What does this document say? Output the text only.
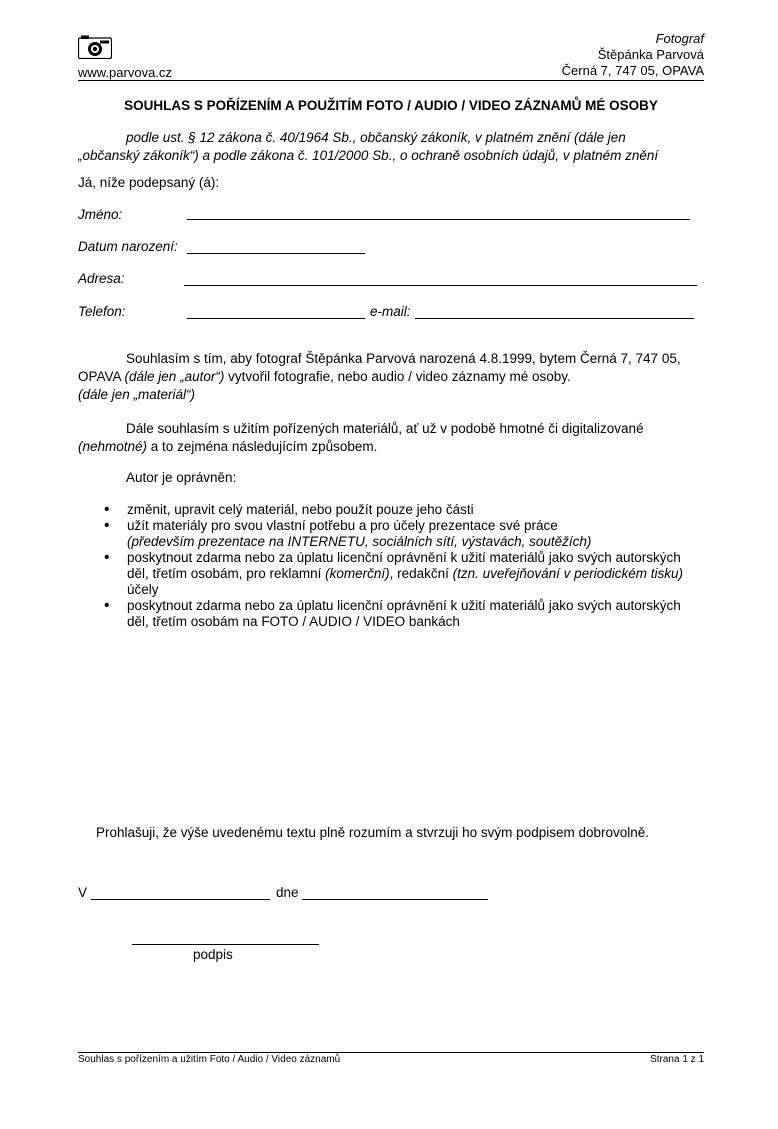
www.parvova.cz
Fotograf
Štěpánka Parvová
Černá 7, 747 05, OPAVA
SOUHLAS S POŘÍZENÍM A POUŽITÍM FOTO / AUDIO / VIDEO ZÁZNAMŮ MÉ OSOBY
podle ust. § 12 zákona č. 40/1964 Sb., občanský zákoník, v platném znění (dále jen
„občanský zákoník“) a podle zákona č. 101/2000 Sb., o ochraně osobních údajů, v platném znění
Já, níže podepsaný (á):
Jméno:
Datum narození:
Adresa:
Telefon:	e-mail:
Souhlasím s tím, aby fotograf Štěpánka Parvová narozená 4.8.1999, bytem Černá 7, 747 05,
OPAVA (dále jen „autor“) vytvořil fotografie, nebo audio / video záznamy mé osoby.
(dále jen „materiál“)
Dále souhlasím s užitím pořízených materiálů, ať už v podobě hmotné či digitalizované
(nehmotné) a to zejména následujícím způsobem.
Autor je oprávněn:
• změnit, upravit celý materiál, nebo použít pouze jeho části
• užít materiály pro svou vlastní potřebu a pro účely prezentace své práce
(především prezentace na INTERNETU, sociálních sítí, výstavách, soutěžích)
• poskytnout zdarma nebo za úplatu licenční oprávnění k užití materiálů jako svých autorských
děl, třetím osobám, pro reklamní (komerční), redakční (tzn. uveřejňování v periodickém tisku)
účely
• poskytnout zdarma nebo za úplatu licenční oprávnění k užití materiálů jako svých autorských
děl, třetím osobám na FOTO / AUDIO / VIDEO bankách
Prohlašuji, že výše uvedenému textu plně rozumím a stvrzuji ho svým podpisem dobrovolně.
V	dne
podpis
Souhlas s pořízením a užitím Foto / Audio / Video záznamů	Strana 1 z 1
